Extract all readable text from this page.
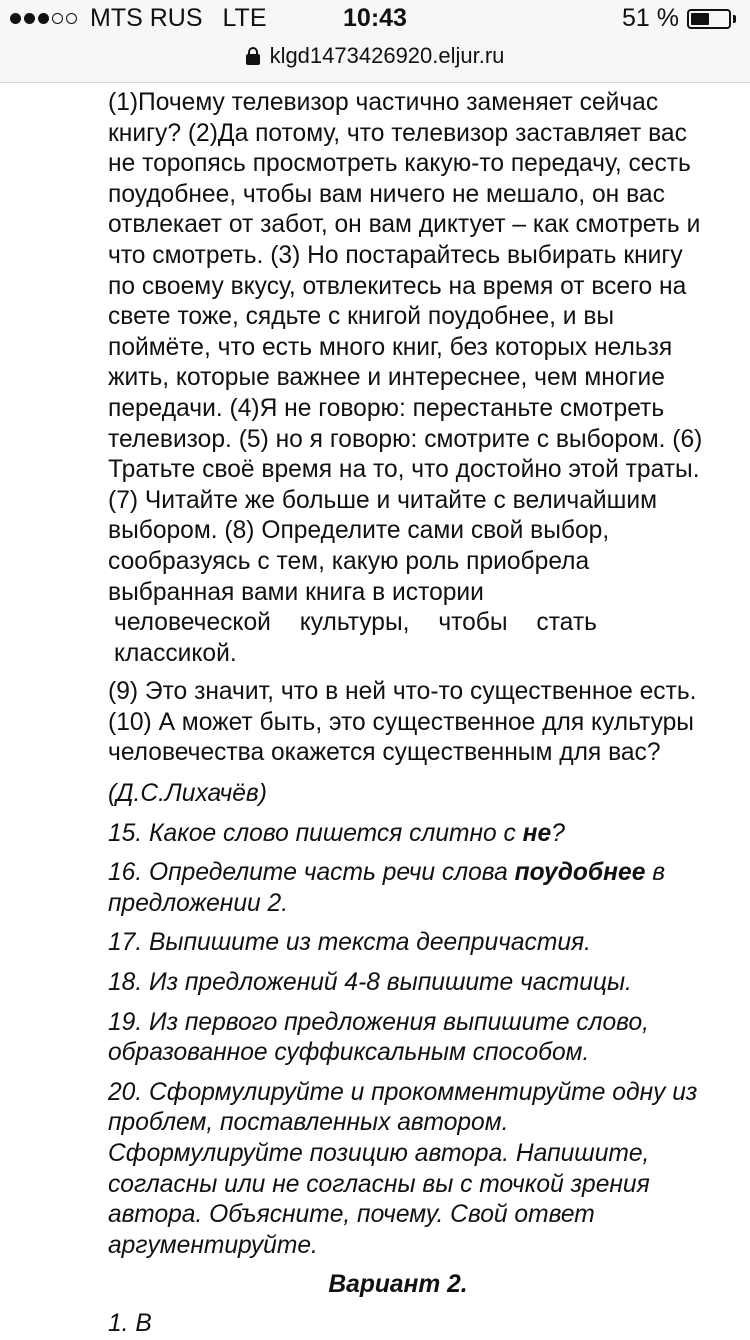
MTS RUS LTE	10:43	51 %
klgd1473426920.eljur.ru

(1)Почему телевизор частично заменяет сейчас книгу? (2)Да потому, что телевизор заставляет вас не торопясь просмотреть какую-то передачу, сесть поудобнее, чтобы вам ничего не мешало, он вас отвлекает от забот, он вам диктует – как смотреть и что смотреть. (3) Но постарайтесь выбирать книгу по своему вкусу, отвлекитесь на время от всего на свете тоже, сядьте с книгой поудобнее, и вы поймёте, что есть много книг, без которых нельзя жить, которые важнее и интереснее, чем многие передачи. (4)Я не говорю: перестаньте смотреть телевизор. (5) но я говорю: смотрите с выбором. (6) Тратьте своё время на то, что достойно этой траты. (7) Читайте же больше и читайте с величайшим выбором. (8) Определите сами свой выбор, сообразуясь с тем, какую роль приобрела выбранная вами книга в истории
человеческой культуры, чтобы стать
классикой.

(9) Это значит, что в ней что-то существенное есть. (10) А может быть, это существенное для культуры человечества окажется существенным для вас?

(Д.С.Лихачёв)

15. Какое слово пишется слитно с не?

16. Определите часть речи слова поудобнее в предложении 2.

17. Выпишите из текста деепричастия.

18. Из предложений 4-8 выпишите частицы.

19. Из первого предложения выпишите слово, образованное суффиксальным способом.

20. Сформулируйте и прокомментируйте одну из проблем, поставленных автором. Сформулируйте позицию автора. Напишите, согласны или не согласны вы с точкой зрения автора. Объясните, почему. Свой ответ аргументируйте.

Вариант 2.

1. В
